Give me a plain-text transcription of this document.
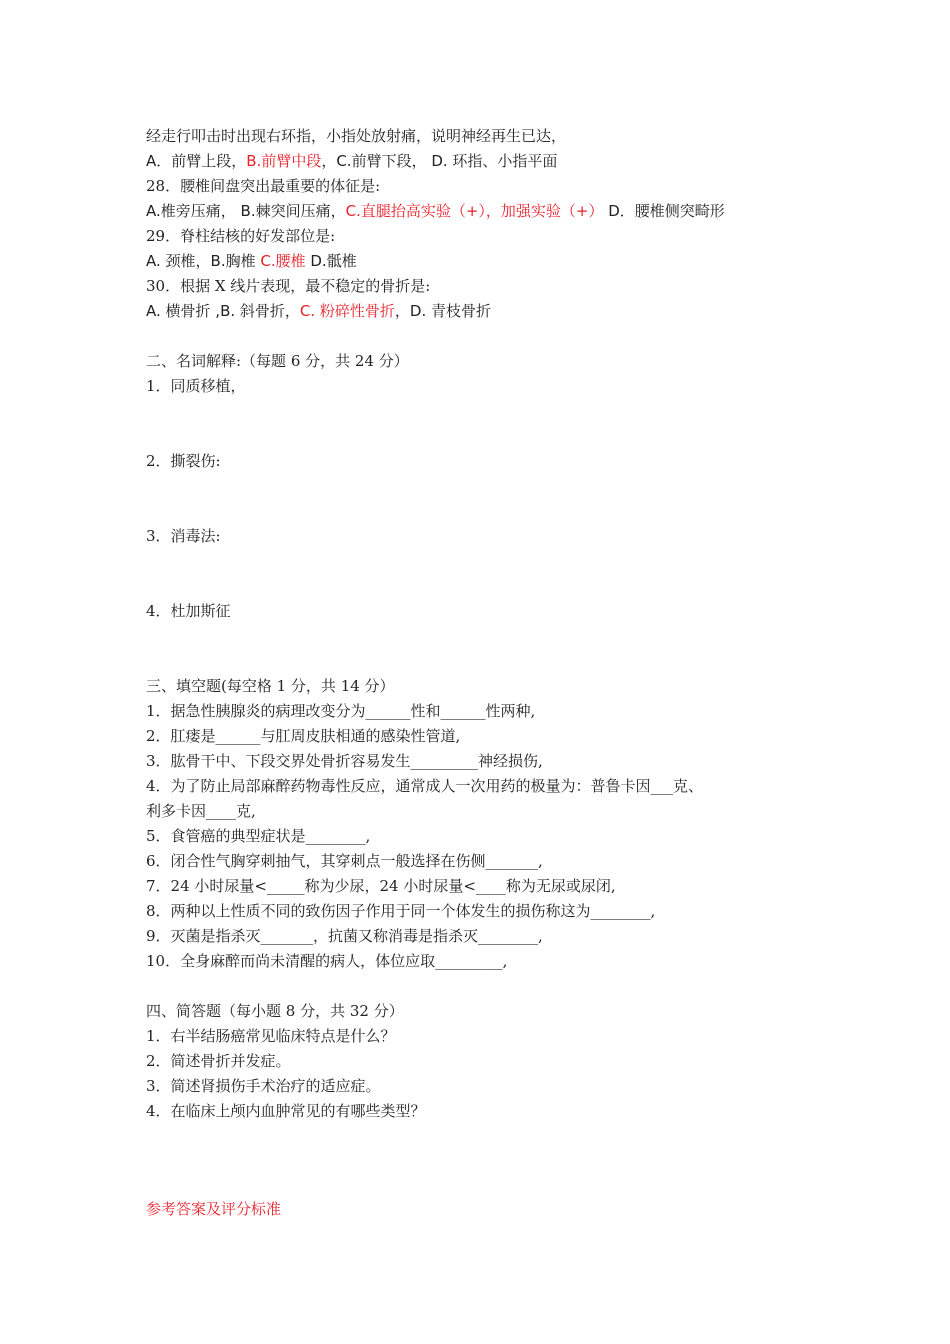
经走行叩击时出现右环指，小指处放射痛，说明神经再生已达，
A．前臂上段，B.前臂中段，C.前臂下段， D. 环指、小指平面
28．腰椎间盘突出最重要的体征是:
A.椎旁压痛， B.棘突间压痛，C.直腿抬高实验（+），加强实验（+） D．腰椎侧突畸形
29．脊柱结核的好发部位是:
A. 颈椎，B.胸椎 C.腰椎 D.骶椎
30．根据 X 线片表现，最不稳定的骨折是:
A. 横骨折 ,B. 斜骨折，C. 粉碎性骨折，D. 青枝骨折
二、名词解释:（每题 6 分，共 24 分）
1．同质移植，
2．撕裂伤:
3．消毒法:
4．杜加斯征
三、填空题(每空格 1 分，共 14 分）
1．据急性胰腺炎的病理改变分为______性和______性两种,
2．肛瘘是______与肛周皮肤相通的感染性管道,
3．肱骨干中、下段交界处骨折容易发生_________神经损伤,
4．为了防止局部麻醉药物毒性反应，通常成人一次用药的极量为：普鲁卡因___克、
利多卡因____克,
5．食管癌的典型症状是________,
6．闭合性气胸穿刺抽气，其穿刺点一般选择在伤侧_______,
7．24 小时尿量<_____称为少尿，24 小时尿量<____称为无尿或尿闭,
8．两种以上性质不同的致伤因子作用于同一个体发生的损伤称这为________,
9．灭菌是指杀灭_______，抗菌又称消毒是指杀灭________,
10．全身麻醉而尚未清醒的病人，体位应取_________,
四、简答题（每小题 8 分，共 32 分）
1．右半结肠癌常见临床特点是什么？
2．简述骨折并发症。
3．简述肾损伤手术治疗的适应症。
4．在临床上颅内血肿常见的有哪些类型？
参考答案及评分标准
